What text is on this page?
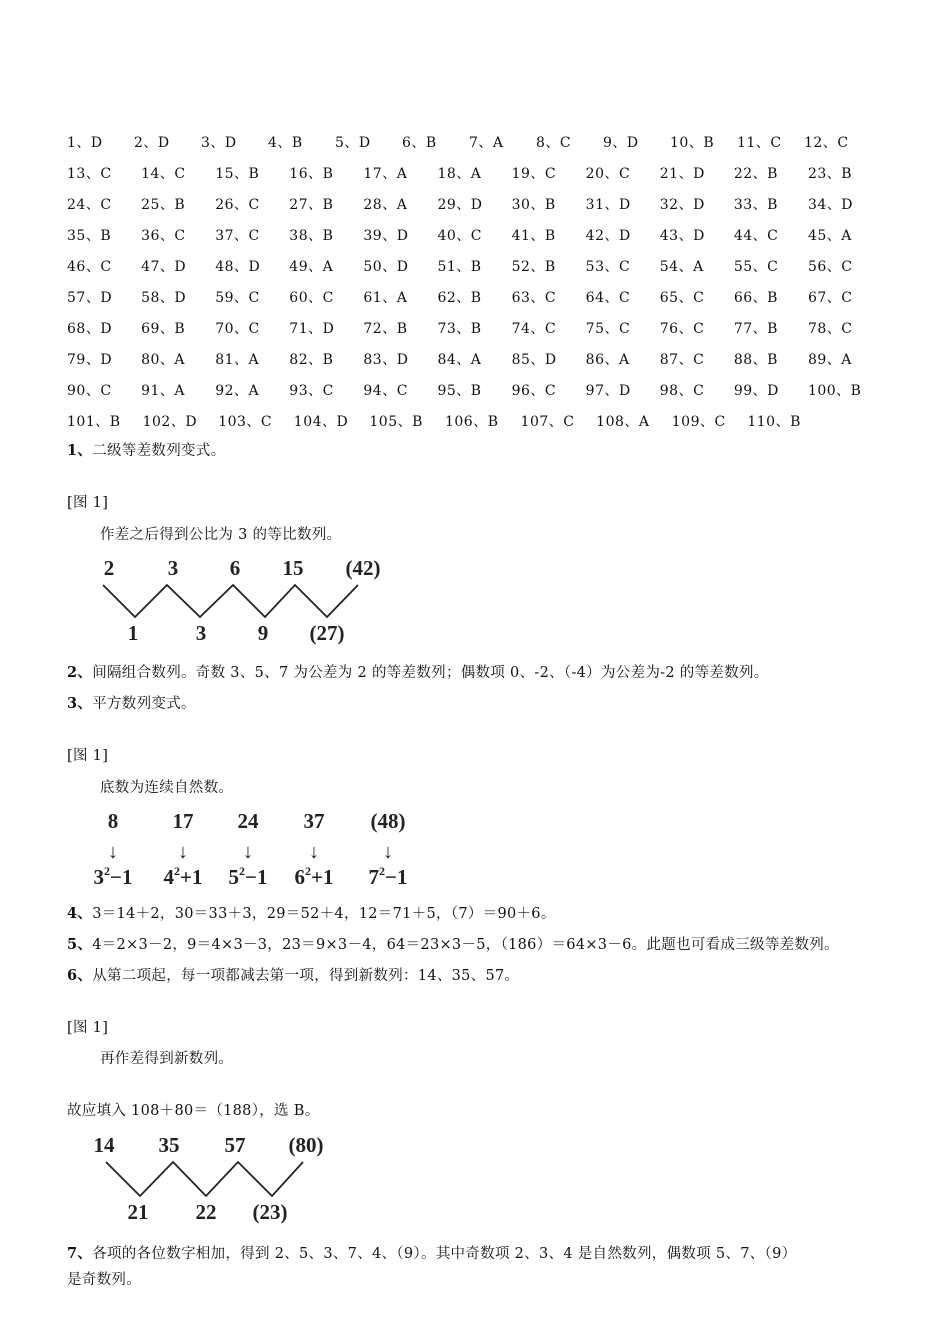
1、D	2、D	3、D	4、B	5、D	6、B	7、A	8、C	9、D	10、B	11、C	12、C
13、C	14、C	15、B	16、B	17、A	18、A	19、C	20、C	21、D	22、B	23、B
24、C	25、B	26、C	27、B	28、A	29、D	30、B	31、D	32、D	33、B	34、D
35、B	36、C	37、C	38、B	39、D	40、C	41、B	42、D	43、D	44、C	45、A
46、C	47、D	48、D	49、A	50、D	51、B	52、B	53、C	54、A	55、C	56、C
57、D	58、D	59、C	60、C	61、A	62、B	63、C	64、C	65、C	66、B	67、C
68、D	69、B	70、C	71、D	72、B	73、B	74、C	75、C	76、C	77、B	78、C
79、D	80、A	81、A	82、B	83、D	84、A	85、D	86、A	87、C	88、B	89、A
90、C	91、A	92、A	93、C	94、C	95、B	96、C	97、D	98、C	99、D	100、B
101、B	102、D	103、C	104、D	105、B	106、B	107、C	108、A	109、C	110、B
1、二级等差数列变式。
[图 1]
作差之后得到公比为 3 的等比数列。
2	3 6 15 (42)
1	3 9 (27)
2、间隔组合数列。奇数 3、5、7 为公差为 2 的等差数列；偶数项 0、-2、（-4）为公差为-2 的等差数列。
3、平方数列变式。
[图 1]
底数为连续自然数。
8	17 24 37 (48)
↓	↓	↓	↓	↓
$3^2-1$ $4^2+1$ $5^2-1$ $6^2+1$ $7^2-1$
4、3＝14＋2，30＝33＋3，29＝52＋4，12＝71＋5，（7）＝90＋6。
5、4＝2×3－2，9＝4×3－3，23＝9×3－4，64＝23×3－5，（186）＝64×3－6。此题也可看成三级等差数列。
6、从第二项起，每一项都减去第一项，得到新数列：14、35、57。
[图 1]
再作差得到新数列。
故应填入 108＋80＝（188），选 B。
14 35 57 (80)
21 22 (23)
7、各项的各位数字相加，得到 2、5、3、7、4、（9）。其中奇数项 2、3、4 是自然数列，偶数项 5、7、（9）
是奇数列。
